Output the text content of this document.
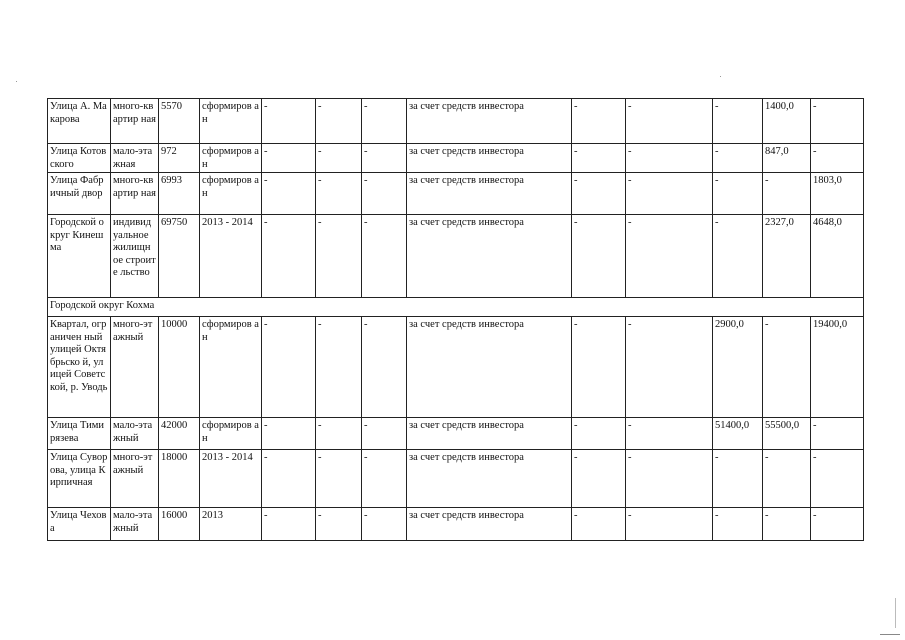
Улица А. Макарова	много-квартир ная	5570	сформиров ан	-	-	-	за счет средств инвестора	-	-	-	1400,0	-
Улица Котовского	мало-этажная	972	сформиров ан	-	-	-	за счет средств инвестора	-	-	-	847,0	-
Улица Фабричный двор	много-квартир ная	6993	сформиров ан	-	-	-	за счет средств инвестора	-	-	-	-	1803,0
Городской округ Кинешма	индивид уальное жилищн ое строите льство	69750	2013 - 2014	-	-	-	за счет средств инвестора	-	-	-	2327,0	4648,0
Городской округ Кохма												
Квартал, ограничен ный улицей Октябрьско й, улицей Советской, р. Уводь	много-этажный	10000	сформиров ан	-	-	-	за счет средств инвестора	-	-	2900,0	-	19400,0
Улица Тимирязева	мало-этажный	42000	сформиров ан	-	-	-	за счет средств инвестора	-	-	51400,0	55500,0	-
Улица Суворова, улица Кирпичная	много-этажный	18000	2013 - 2014	-	-	-	за счет средств инвестора	-	-	-	-	-
Улица Чехова	мало-этажный	16000	2013	-	-	-	за счет средств инвестора	-	-	-	-	-
